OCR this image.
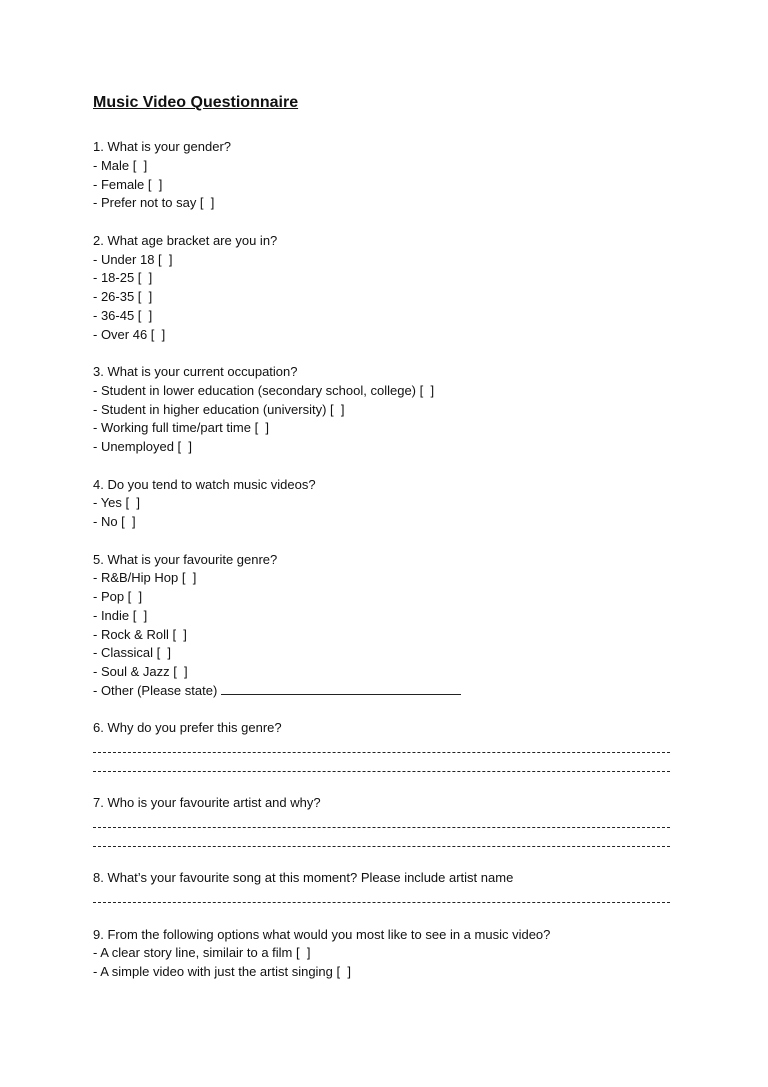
Music Video Questionnaire
1. What is your gender?
- Male [  ]
- Female [  ]
- Prefer not to say [  ]
2. What age bracket are you in?
- Under 18 [  ]
- 18-25 [  ]
- 26-35 [  ]
- 36-45 [  ]
- Over 46 [  ]
3. What is your current occupation?
- Student in lower education (secondary school, college) [  ]
- Student in higher education (university) [  ]
- Working full time/part time [  ]
- Unemployed [  ]
4. Do you tend to watch music videos?
- Yes [  ]
- No [  ]
5. What is your favourite genre?
- R&B/Hip Hop [  ]
- Pop [  ]
- Indie [  ]
- Rock & Roll [  ]
- Classical [  ]
- Soul & Jazz [  ]
- Other (Please state)
6. Why do you prefer this genre?
7. Who is your favourite artist and why?
8. What’s your favourite song at this moment? Please include artist name
9. From the following options what would you most like to see in a music video?
- A clear story line, similair to a film [  ]
- A simple video with just the artist singing [  ]
